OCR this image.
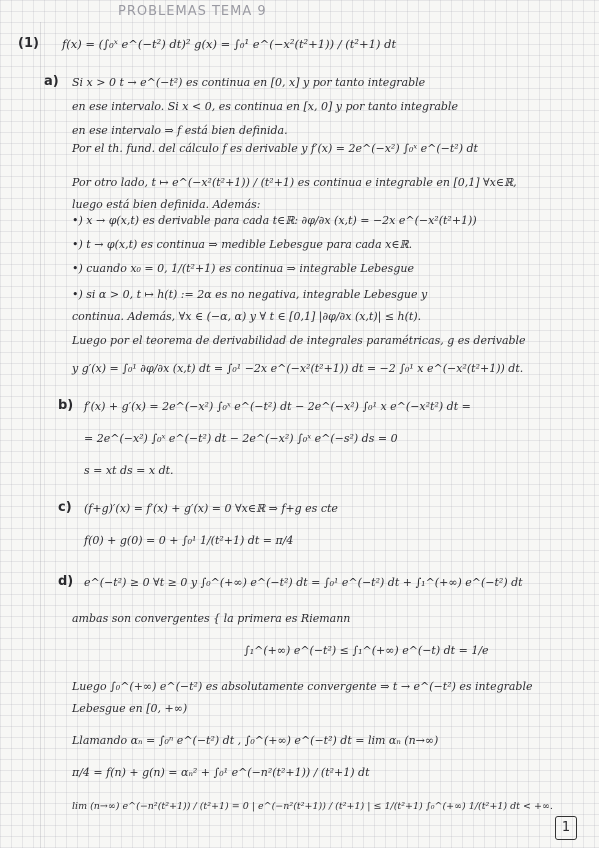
PROBLEMAS TEMA 9
(1) f(x) = (∫₀ˣ e^(−t²) dt)² g(x) = ∫₀¹ e^(−x²(t²+1)) / (t²+1) dt
a) Si x > 0 t → e^(−t²) es continua en [0, x] y por tanto integrable
en ese intervalo. Si x < 0, es continua en [x, 0] y por tanto integrable
en ese intervalo ⇒ f está bien definida.
Por el th. fund. del cálculo f es derivable y f′(x) = 2e^(−x²) ∫₀ˣ e^(−t²) dt
Por otro lado, t ↦ e^(−x²(t²+1)) / (t²+1) es continua e integrable en [0,1] ∀x∈ℝ,
luego está bien definida. Además:
•) x → φ(x,t) es derivable para cada t∈ℝ: ∂φ/∂x (x,t) = −2x e^(−x²(t²+1))
•) t → φ(x,t) es continua ⇒ medible Lebesgue para cada x∈ℝ.
•) cuando x₀ = 0, 1/(t²+1) es continua ⇒ integrable Lebesgue
•) si α > 0, t ↦ h(t) := 2α es no negativa, integrable Lebesgue y
continua. Además, ∀x ∈ (−α, α) y ∀ t ∈ [0,1] |∂φ/∂x (x,t)| ≤ h(t).
Luego por el teorema de derivabilidad de integrales paramétricas, g es derivable
y g′(x) = ∫₀¹ ∂φ/∂x (x,t) dt = ∫₀¹ −2x e^(−x²(t²+1)) dt = −2 ∫₀¹ x e^(−x²(t²+1)) dt.
b) f′(x) + g′(x) = 2e^(−x²) ∫₀ˣ e^(−t²) dt − 2e^(−x²) ∫₀¹ x e^(−x²t²) dt =
= 2e^(−x²) ∫₀ˣ e^(−t²) dt − 2e^(−x²) ∫₀ˣ e^(−s²) ds = 0
s = xt ds = x dt.
c) (f+g)′(x) = f′(x) + g′(x) = 0 ∀x∈ℝ ⇒ f+g es cte
f(0) + g(0) = 0 + ∫₀¹ 1/(t²+1) dt = π/4
d) e^(−t²) ≥ 0 ∀t ≥ 0 y ∫₀^(+∞) e^(−t²) dt = ∫₀¹ e^(−t²) dt + ∫₁^(+∞) e^(−t²) dt
ambas son convergentes { la primera es Riemann
∫₁^(+∞) e^(−t²) ≤ ∫₁^(+∞) e^(−t) dt = 1/e
Luego ∫₀^(+∞) e^(−t²) es absolutamente convergente ⇒ t → e^(−t²) es integrable
Lebesgue en [0, +∞)
Llamando αₙ = ∫₀ⁿ e^(−t²) dt , ∫₀^(+∞) e^(−t²) dt = lim αₙ (n→∞)
π/4 = f(n) + g(n) = αₙ² + ∫₀¹ e^(−n²(t²+1)) / (t²+1) dt
lim (n→∞) e^(−n²(t²+1)) / (t²+1) = 0 | e^(−n²(t²+1)) / (t²+1) | ≤ 1/(t²+1) ∫₀^(+∞) 1/(t²+1) dt < +∞.
1
